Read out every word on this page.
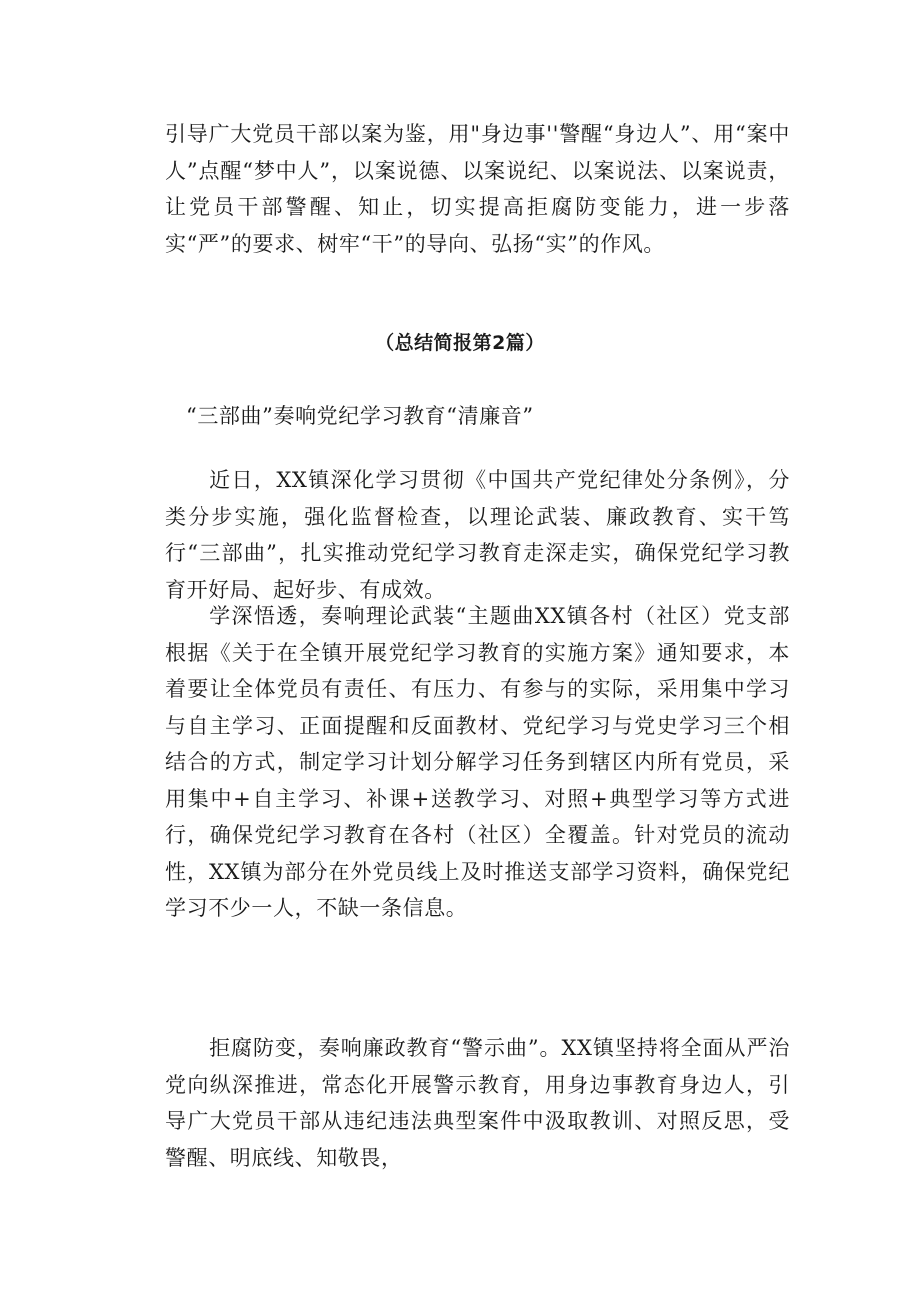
引导广大党员干部以案为鉴，用"身边事''警醒“身边人”、用“案中人”点醒“梦中人”，以案说德、以案说纪、以案说法、以案说责，让党员干部警醒、知止，切实提高拒腐防变能力，进一步落实“严”的要求、树牢“干”的导向、弘扬“实”的作风。

（总结简报第2篇）

“三部曲”奏响党纪学习教育“清廉音”

近日，XX镇深化学习贯彻《中国共产党纪律处分条例》，分类分步实施，强化监督检查，以理论武装、廉政教育、实干笃行“三部曲”，扎实推动党纪学习教育走深走实，确保党纪学习教育开好局、起好步、有成效。

学深悟透，奏响理论武装“主题曲XX镇各村（社区）党支部根据《关于在全镇开展党纪学习教育的实施方案》通知要求，本着要让全体党员有责任、有压力、有参与的实际，采用集中学习与自主学习、正面提醒和反面教材、党纪学习与党史学习三个相结合的方式，制定学习计划分解学习任务到辖区内所有党员，采用集中+自主学习、补课+送教学习、对照+典型学习等方式进行，确保党纪学习教育在各村（社区）全覆盖。针对党员的流动性，XX镇为部分在外党员线上及时推送支部学习资料，确保党纪学习不少一人，不缺一条信息。

拒腐防变，奏响廉政教育“警示曲”。XX镇坚持将全面从严治党向纵深推进，常态化开展警示教育，用身边事教育身边人，引导广大党员干部从违纪违法典型案件中汲取教训、对照反思，受警醒、明底线、知敬畏，
